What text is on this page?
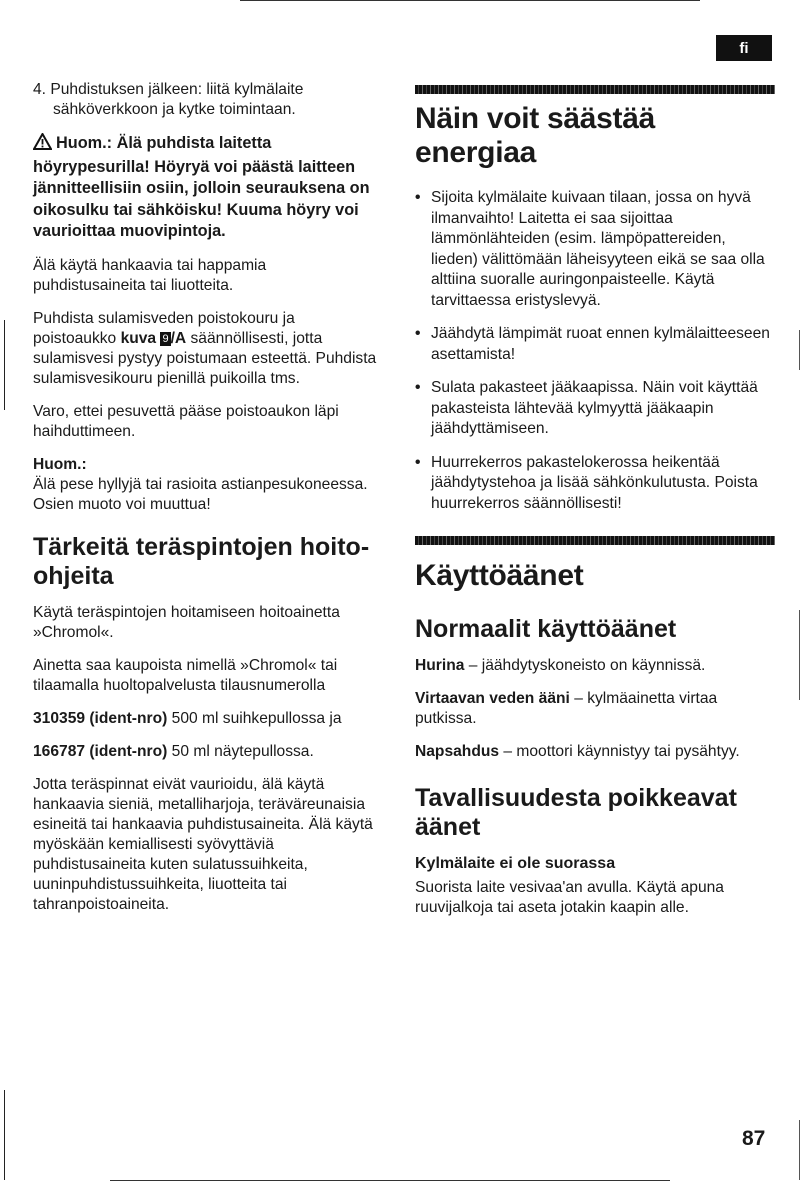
fi

4. Puhdistuksen jälkeen: liitä kylmälaite sähköverkkoon ja kytke toimintaan.

Huom.: Älä puhdista laitetta höyrypesurilla! Höyryä voi päästä laitteen jännitteellisiin osiin, jolloin seurauksena on oikosulku tai sähköisku! Kuuma höyry voi vaurioittaa muovipintoja.

Älä käytä hankaavia tai happamia puhdistusaineita tai liuotteita.

Puhdista sulamisveden poistokouru ja poistoaukko kuva 9 /A säännöllisesti, jotta sulamisvesi pystyy poistumaan esteettä. Puhdista sulamisvesikouru pienillä puikoilla tms.

Varo, ettei pesuvettä pääse poistoaukon läpi haihduttimeen.

Huom.:

Älä pese hyllyjä tai rasioita astianpesukoneessa.

Osien muoto voi muuttua!

Tärkeitä teräspintojen hoito-ohjeita

Käytä teräspintojen hoitamiseen hoitoainetta »Chromol«.

Ainetta saa kaupoista nimellä »Chromol« tai tilaamalla huoltopalvelusta tilausnumerolla

310359 (ident-nro) 500 ml suihkepullossa ja

166787 (ident-nro) 50 ml näytepullossa.

Jotta teräspinnat eivät vaurioidu, älä käytä hankaavia sieniä, metalliharjoja, teräväreunaisia esineitä tai hankaavia puhdistusaineita. Älä käytä myöskään kemiallisesti syövyttäviä puhdistusaineita kuten sulatussuihkeita, uuninpuhdistussuihkeita, liuotteita tai tahranpoistoaineita.

Näin voit säästää energiaa
• Sijoita kylmälaite kuivaan tilaan, jossa on hyvä ilmanvaihto! Laitetta ei saa sijoittaa lämmönlähteiden (esim. lämpöpattereiden, lieden) välittömään läheisyyteen eikä se saa olla alttiina suoralle auringonpaisteelle. Käytä tarvittaessa eristyslevyä.
• Jäähdytä lämpimät ruoat ennen kylmälaitteeseen asettamista!
• Sulata pakasteet jääkaapissa. Näin voit käyttää pakasteista lähtevää kylmyyttä jääkaapin jäähdyttämiseen.
• Huurrekerros pakastelokerossa heikentää jäähdytystehoa ja lisää sähkönkulutusta. Poista huurrekerros säännöllisesti!
Käyttöäänet
Normaalit käyttöäänet

Hurina – jäähdytyskoneisto on käynnissä.

Virtaavan veden ääni – kylmäainetta virtaa putkissa.

Napsahdus – moottori käynnistyy tai pysähtyy.

Tavallisuudesta poikkeavat äänet
Kylmälaite ei ole suorassa

Suorista laite vesivaa'an avulla. Käytä apuna ruuvijalkoja tai aseta jotakin kaapin alle.

87
